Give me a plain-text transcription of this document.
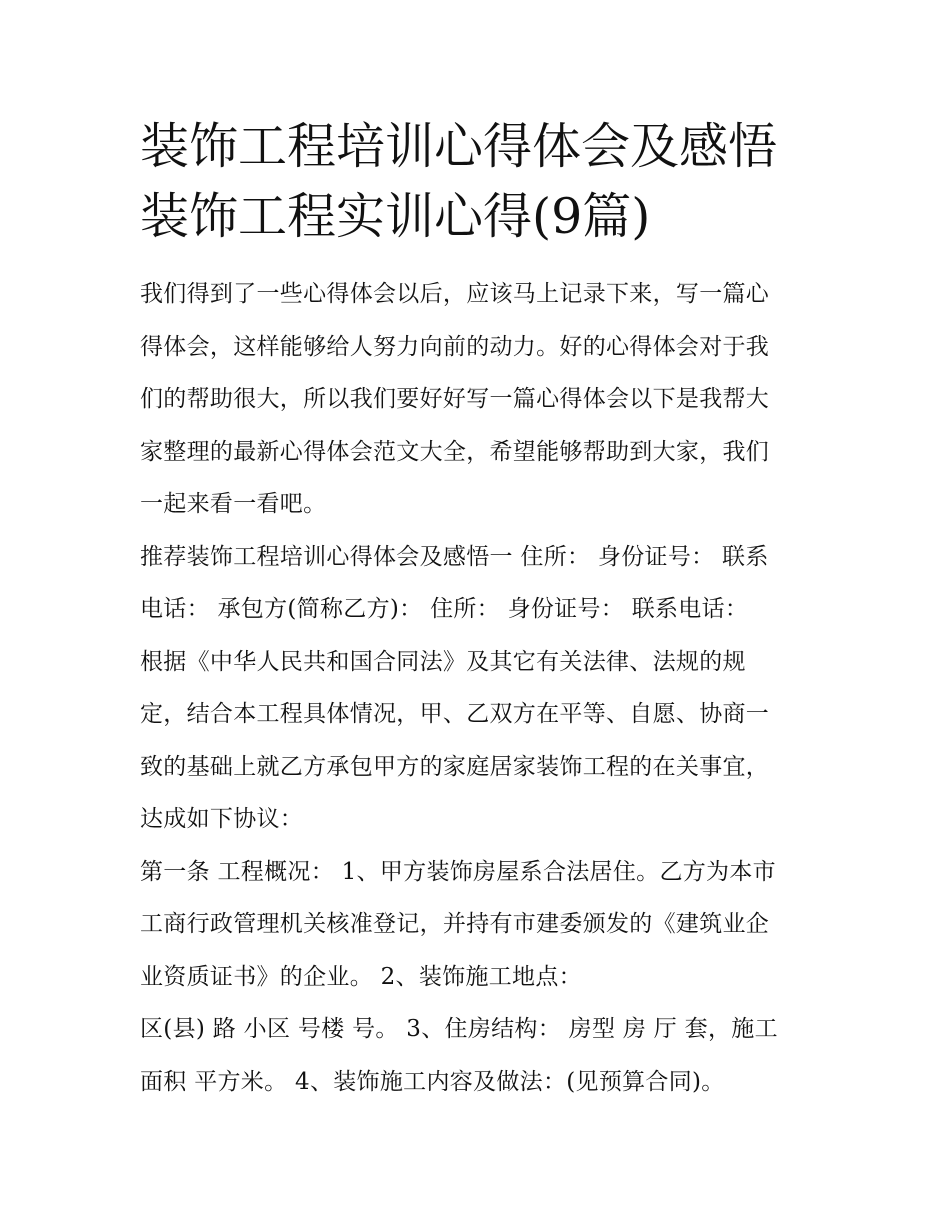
装饰工程培训心得体会及感悟
装饰工程实训心得(9篇)
我们得到了一些心得体会以后，应该马上记录下来，写一篇心
得体会，这样能够给人努力向前的动力。好的心得体会对于我
们的帮助很大，所以我们要好好写一篇心得体会以下是我帮大
家整理的最新心得体会范文大全，希望能够帮助到大家，我们
一起来看一看吧。
推荐装饰工程培训心得体会及感悟一 住所： 身份证号： 联系
电话： 承包方(简称乙方)： 住所： 身份证号： 联系电话：
根据《中华人民共和国合同法》及其它有关法律、法规的规
定，结合本工程具体情况，甲、乙双方在平等、自愿、协商一
致的基础上就乙方承包甲方的家庭居家装饰工程的在关事宜，
达成如下协议：
第一条 工程概况： 1、甲方装饰房屋系合法居住。乙方为本市
工商行政管理机关核准登记，并持有市建委颁发的《建筑业企
业资质证书》的企业。 2、装饰施工地点：
区(县) 路 小区 号楼 号。 3、住房结构： 房型 房 厅 套，施工
面积 平方米。 4、装饰施工内容及做法：(见预算合同)。
